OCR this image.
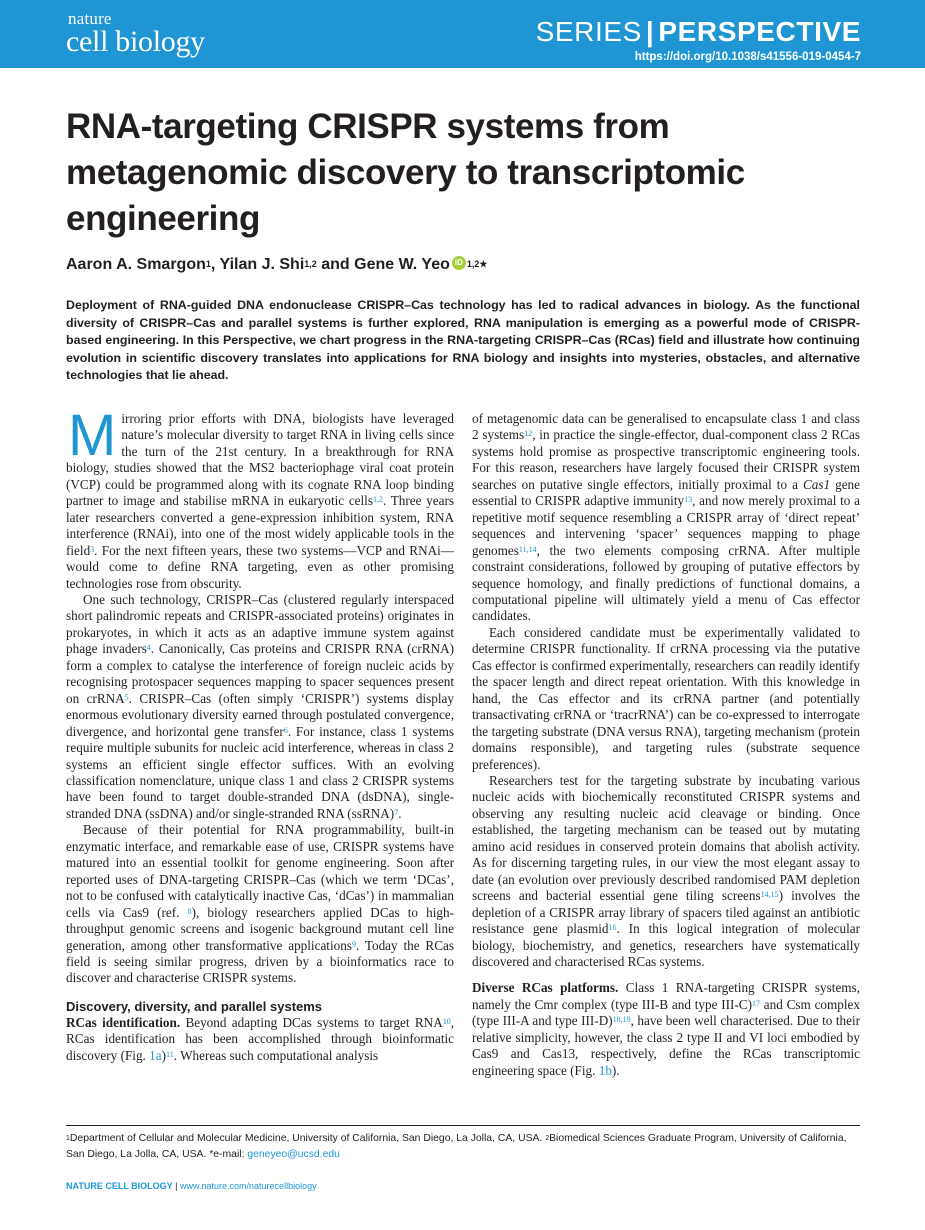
nature
cell biology	SERIES | PERSPECTIVE
https://doi.org/10.1038/s41556-019-0454-7
RNA-targeting CRISPR systems from metagenomic discovery to transcriptomic engineering
Aaron A. Smargon$^1$, Yilan J. Shi$^{1,2}$ and Gene W. Yeo iD $^{1,2★}$

Deployment of RNA-guided DNA endonuclease CRISPR–Cas technology has led to radical advances in biology. As the functional diversity of CRISPR–Cas and parallel systems is further explored, RNA manipulation is emerging as a powerful mode of CRISPR-based engineering. In this Perspective, we chart progress in the RNA-targeting CRISPR–Cas (RCas) field and illustrate how continuing evolution in scientific discovery translates into applications for RNA biology and insights into mysteries, obstacles, and alternative technologies that lie ahead.

Mirroring prior efforts with DNA, biologists have leveraged nature’s molecular diversity to target RNA in living cells since the turn of the 21st century. In a breakthrough for RNA biology, studies showed that the MS2 bacteriophage viral coat protein (VCP) could be programmed along with its cognate RNA loop binding partner to image and stabilise mRNA in eukaryotic cells$^{1,2}$. Three years later researchers converted a gene-expression inhibition system, RNA interference (RNAi), into one of the most widely applicable tools in the field$^3$. For the next fifteen years, these two systems—VCP and RNAi—would come to define RNA targeting, even as other promising technologies rose from obscurity.

One such technology, CRISPR–Cas (clustered regularly interspaced short palindromic repeats and CRISPR-associated proteins) originates in prokaryotes, in which it acts as an adaptive immune system against phage invaders$^4$. Canonically, Cas proteins and CRISPR RNA (crRNA) form a complex to catalyse the interference of foreign nucleic acids by recognising protospacer sequences mapping to spacer sequences present on crRNA$^5$. CRISPR–Cas (often simply ‘CRISPR’) systems display enormous evolutionary diversity earned through postulated convergence, divergence, and horizontal gene transfer$^6$. For instance, class 1 systems require multiple subunits for nucleic acid interference, whereas in class 2 systems an efficient single effector suffices. With an evolving classification nomenclature, unique class 1 and class 2 CRISPR systems have been found to target double-stranded DNA (dsDNA), single-stranded DNA (ssDNA) and/or single-stranded RNA (ssRNA)$^7$.

Because of their potential for RNA programmability, built-in enzymatic interface, and remarkable ease of use, CRISPR systems have matured into an essential toolkit for genome engineering. Soon after reported uses of DNA-targeting CRISPR–Cas (which we term ‘DCas’, not to be confused with catalytically inactive Cas, ‘dCas’) in mammalian cells via Cas9 (ref. $^8$), biology researchers applied DCas to high-throughput genomic screens and isogenic background mutant cell line generation, among other transformative applications$^9$. Today the RCas field is seeing similar progress, driven by a bioinformatics race to discover and characterise CRISPR systems.

Discovery, diversity, and parallel systems

RCas identification. Beyond adapting DCas systems to target RNA$^{10}$, RCas identification has been accomplished through bioinformatic discovery (Fig. 1a)$^{11}$. Whereas such computational analysis

of metagenomic data can be generalised to encapsulate class 1 and class 2 systems$^{12}$, in practice the single-effector, dual-component class 2 RCas systems hold promise as prospective transcriptomic engineering tools. For this reason, researchers have largely focused their CRISPR system searches on putative single effectors, initially proximal to a Cas1 gene essential to CRISPR adaptive immunity$^{13}$, and now merely proximal to a repetitive motif sequence resembling a CRISPR array of ‘direct repeat’ sequences and intervening ‘spacer’ sequences mapping to phage genomes$^{11,14}$, the two elements composing crRNA. After multiple constraint considerations, followed by grouping of putative effectors by sequence homology, and finally predictions of functional domains, a computational pipeline will ultimately yield a menu of Cas effector candidates.

Each considered candidate must be experimentally validated to determine CRISPR functionality. If crRNA processing via the putative Cas effector is confirmed experimentally, researchers can readily identify the spacer length and direct repeat orientation. With this knowledge in hand, the Cas effector and its crRNA partner (and potentially transactivating crRNA or ‘tracrRNA’) can be co-expressed to interrogate the targeting substrate (DNA versus RNA), targeting mechanism (protein domains responsible), and targeting rules (substrate sequence preferences).

Researchers test for the targeting substrate by incubating various nucleic acids with biochemically reconstituted CRISPR systems and observing any resulting nucleic acid cleavage or binding. Once established, the targeting mechanism can be teased out by mutating amino acid residues in conserved protein domains that abolish activity. As for discerning targeting rules, in our view the most elegant assay to date (an evolution over previously described randomised PAM depletion screens and bacterial essential gene tiling screens$^{14,15}$) involves the depletion of a CRISPR array library of spacers tiled against an antibiotic resistance gene plasmid$^{16}$. In this logical integration of molecular biology, biochemistry, and genetics, researchers have systematically discovered and characterised RCas systems.

Diverse RCas platforms. Class 1 RNA-targeting CRISPR systems, namely the Cmr complex (type III-B and type III-C)$^{17}$ and Csm complex (type III-A and type III-D)$^{18,19}$, have been well characterised. Due to their relative simplicity, however, the class 2 type II and VI loci embodied by Cas9 and Cas13, respectively, define the RCas transcriptomic engineering space (Fig. 1b).

$^1$Department of Cellular and Molecular Medicine, University of California, San Diego, La Jolla, CA, USA. $^2$Biomedical Sciences Graduate Program, University of California, San Diego, La Jolla, CA, USA. *e-mail: geneyeo@ucsd.edu
NATURE CELL BIOLOGY | www.nature.com/naturecellbiology
